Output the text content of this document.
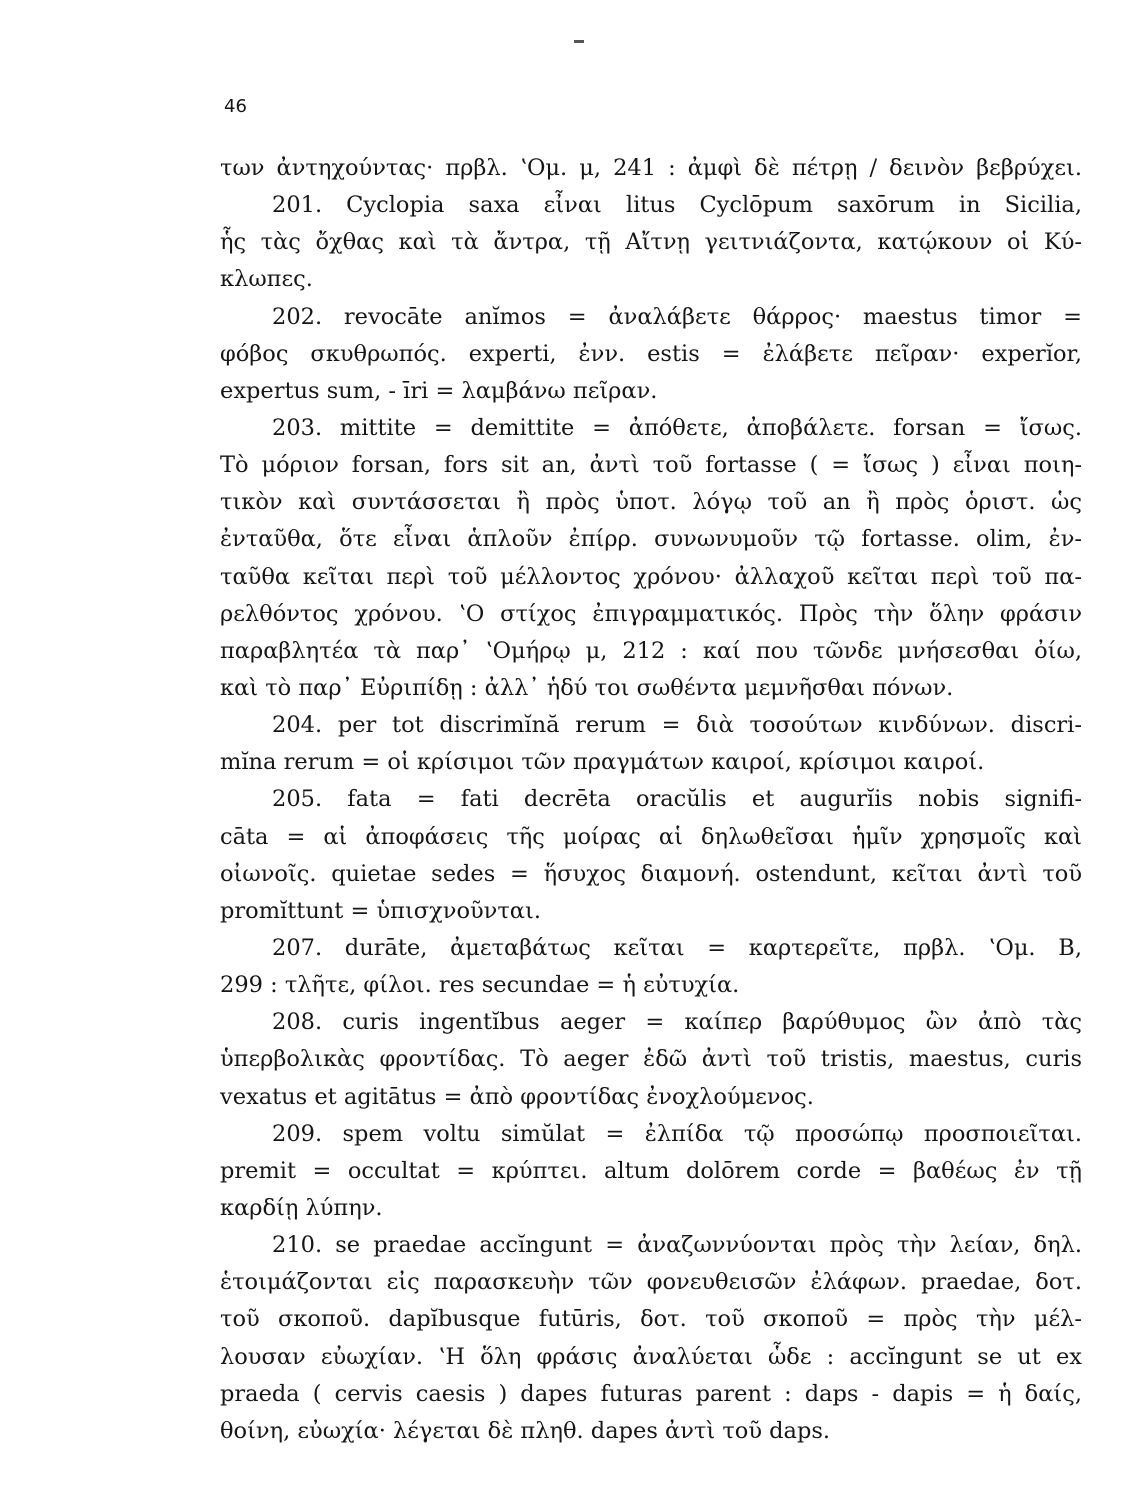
46
των ἀντηχούντας· πρβλ. ʽΟμ. μ, 241 : ἀμφὶ δὲ πέτρῃ / δεινὸν βεβρύχει.
201. Cyclopia saxa εἶναι litus Cyclōpum saxōrum in Sicilia,
ἧς τὰς ὄχθας καὶ τὰ ἄντρα, τῇ Αἴτνῃ γειτνιάζοντα, κατῴκουν οἱ Κύ-
κλωπες.
202. revocāte anĭmos = ἀναλάβετε θάρρος· maestus timor =
φόβος σκυθρωπός. experti, ἐνν. estis = ἐλάβετε πεῖραν· experĭor,
expertus sum, - īri = λαμβάνω πεῖραν.
203. mittite = demittite = ἀπόθετε, ἀποβάλετε. forsan = ἴσως.
Τὸ μόριον forsan, fors sit an, ἀντὶ τοῦ fortasse ( = ἴσως ) εἶναι ποιη-
τικὸν καὶ συντάσσεται ἢ πρὸς ὑποτ. λόγῳ τοῦ an ἢ πρὸς ὁριστ. ὡς
ἐνταῦθα, ὅτε εἶναι ἁπλοῦν ἐπίρρ. συνωνυμοῦν τῷ fortasse. olim, ἐν-
ταῦθα κεῖται περὶ τοῦ μέλλοντος χρόνου· ἀλλαχοῦ κεῖται περὶ τοῦ πα-
ρελθόντος χρόνου. ʽΟ στίχος ἐπιγραμματικός. Πρὸς τὴν ὅλην φράσιν
παραβλητέα τὰ παρ᾽ ʽΟμήρῳ μ, 212 : καί που τῶνδε μνήσεσθαι ὀίω,
καὶ τὸ παρ᾽ Εὐριπίδῃ : ἀλλ᾽ ἡδύ τοι σωθέντα μεμνῆσθαι πόνων.
204. per tot discrimĭnă rerum = διὰ τοσούτων κινδύνων. discri-
mĭna rerum = οἱ κρίσιμοι τῶν πραγμάτων καιροί, κρίσιμοι καιροί.
205. fata = fati decrēta oracŭlis et augurĭis nobis signifi-
cāta = αἱ ἀποφάσεις τῆς μοίρας αἱ δηλωθεῖσαι ἡμῖν χρησμοῖς καὶ
οἰωνοῖς. quietae sedes = ἥσυχος διαμονή. ostendunt, κεῖται ἀντὶ τοῦ
promĭttunt = ὑπισχνοῦνται.
207. durāte, ἀμεταβάτως κεῖται = καρτερεῖτε, πρβλ. ʽΟμ. Β,
299 : τλῆτε, φίλοι. res secundae = ἡ εὐτυχία.
208. curis ingentĭbus aeger = καίπερ βαρύθυμος ὢν ἀπὸ τὰς
ὑπερβολικὰς φροντίδας. Τὸ aeger ἐδῶ ἀντὶ τοῦ tristis, maestus, curis
vexatus et agitātus = ἀπὸ φροντίδας ἐνοχλούμενος.
209. spem voltu simŭlat = ἐλπίδα τῷ προσώπῳ προσποιεῖται.
premit = occultat = κρύπτει. altum dolōrem corde = βαθέως ἐν τῇ
καρδίῃ λύπην.
210. se praedae accĭngunt = ἀναζωννύονται πρὸς τὴν λείαν, δηλ.
ἑτοιμάζονται εἰς παρασκευὴν τῶν φονευθεισῶν ἐλάφων. praedae, δοτ.
τοῦ σκοποῦ. dapĭbusque futūris, δοτ. τοῦ σκοποῦ = πρὸς τὴν μέλ-
λουσαν εὐωχίαν. ʽΗ ὅλη φράσις ἀναλύεται ὧδε : accĭngunt se ut ex
praeda ( cervis caesis ) dapes futuras parent : daps - dapis = ἡ δαίς,
θοίνη, εὐωχία· λέγεται δὲ πληθ. dapes ἀντὶ τοῦ daps.
